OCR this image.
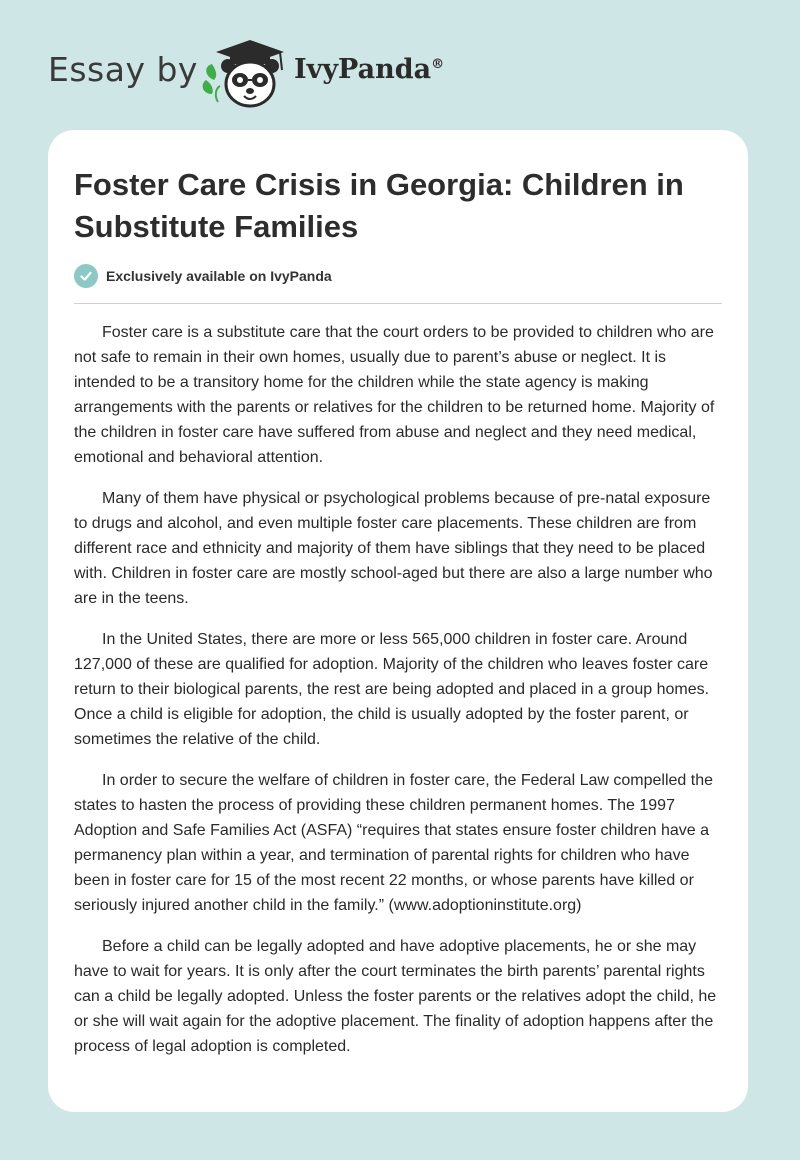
Essay by	IvyPanda®
Foster Care Crisis in Georgia: Children in Substitute Families
Exclusively available on IvyPanda

Foster care is a substitute care that the court orders to be provided to children who are not safe to remain in their own homes, usually due to parent’s abuse or neglect. It is intended to be a transitory home for the children while the state agency is making arrangements with the parents or relatives for the children to be returned home. Majority of the children in foster care have suffered from abuse and neglect and they need medical, emotional and behavioral attention.

Many of them have physical or psychological problems because of pre-natal exposure to drugs and alcohol, and even multiple foster care placements. These children are from different race and ethnicity and majority of them have siblings that they need to be placed with. Children in foster care are mostly school-aged but there are also a large number who are in the teens.

In the United States, there are more or less 565,000 children in foster care. Around 127,000 of these are qualified for adoption. Majority of the children who leaves foster care return to their biological parents, the rest are being adopted and placed in a group homes. Once a child is eligible for adoption, the child is usually adopted by the foster parent, or sometimes the relative of the child.

In order to secure the welfare of children in foster care, the Federal Law compelled the states to hasten the process of providing these children permanent homes. The 1997 Adoption and Safe Families Act (ASFA) “requires that states ensure foster children have a permanency plan within a year, and termination of parental rights for children who have been in foster care for 15 of the most recent 22 months, or whose parents have killed or seriously injured another child in the family.” (www.adoptioninstitute.org)

Before a child can be legally adopted and have adoptive placements, he or she may have to wait for years. It is only after the court terminates the birth parents’ parental rights can a child be legally adopted. Unless the foster parents or the relatives adopt the child, he or she will wait again for the adoptive placement. The finality of adoption happens after the process of legal adoption is completed.
